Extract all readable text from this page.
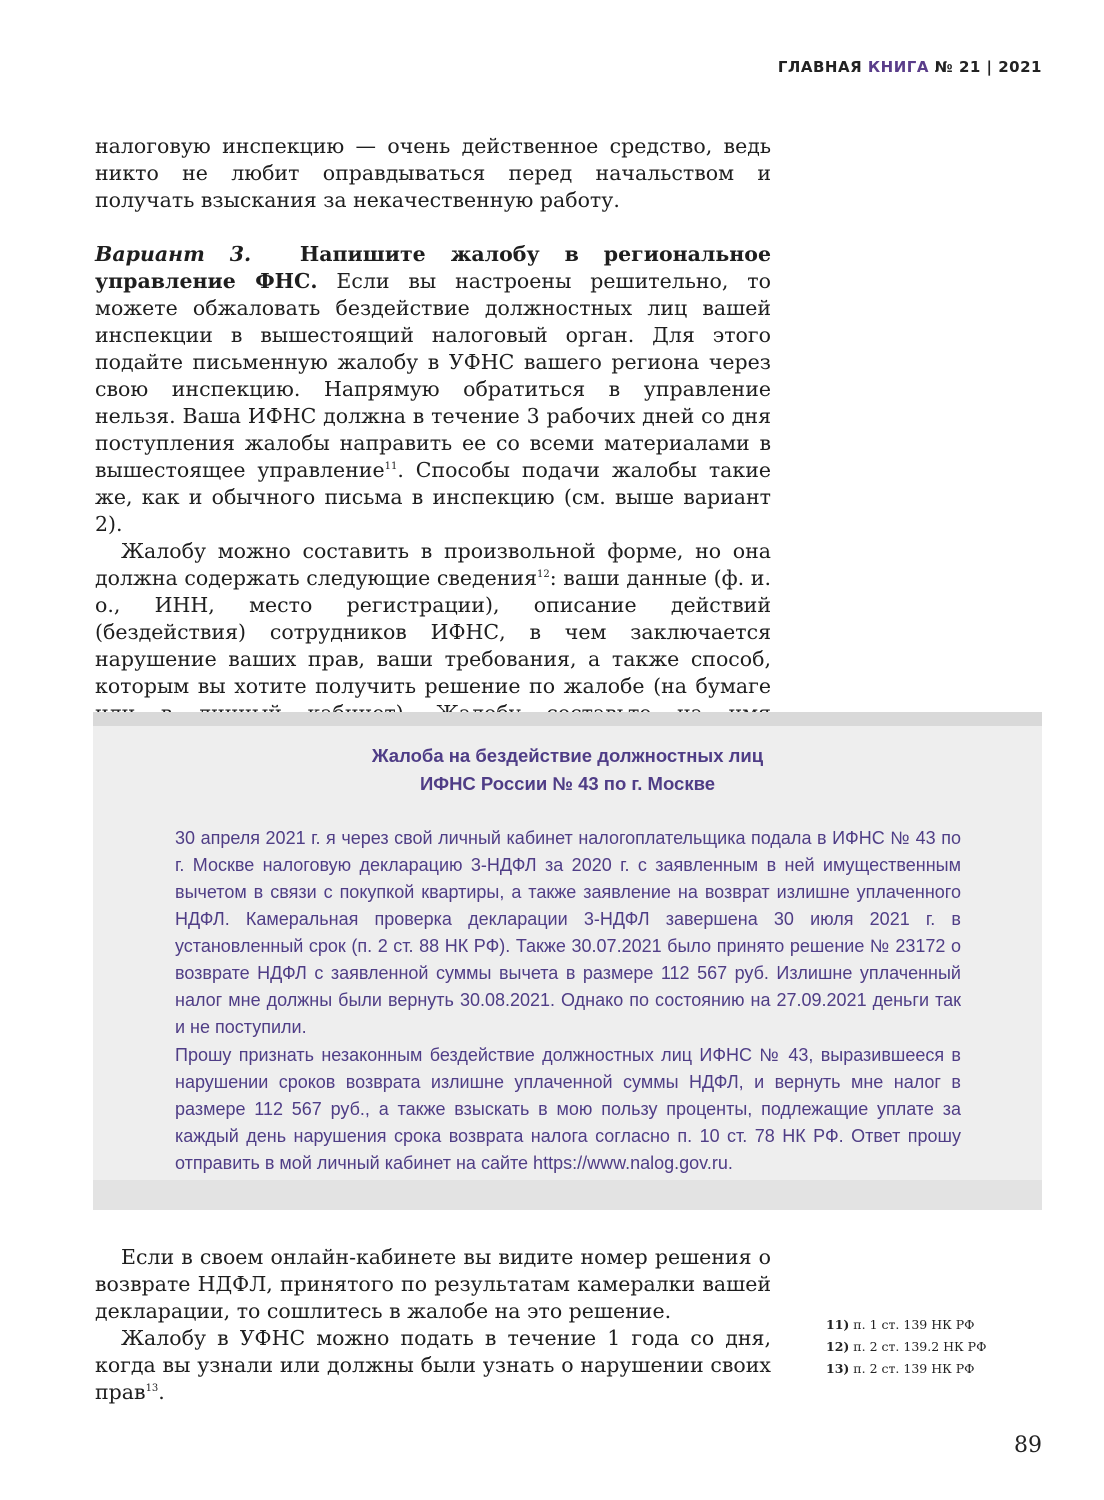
ГЛАВНАЯ КНИГА № 21 | 2021

налоговую инспекцию — очень действенное средство, ведь никто не любит оправдываться перед начальством и получать взыскания за некачественную работу.

Вариант 3. Напишите жалобу в региональное управление ФНС. Если вы настроены решительно, то можете обжаловать бездействие должностных лиц вашей инспекции в вышестоящий налоговый орган. Для этого подайте письменную жалобу в УФНС вашего региона через свою инспекцию. Напрямую обратиться в управление нельзя. Ваша ИФНС должна в течение 3 рабочих дней со дня поступления жалобы направить ее со всеми материалами в вышестоящее управление$^{11}$. Способы подачи жалобы такие же, как и обычного письма в инспекцию (см. выше вариант 2).

Жалобу можно составить в произвольной форме, но она должна содержать следующие сведения$^{12}$: ваши данные (ф. и. о., ИНН, место регистрации), описание действий (бездействия) сотрудников ИФНС, в чем заключается нарушение ваших прав, ваши требования, а также способ, которым вы хотите получить решение по жалобе (на бумаге

Жалоба на бездействие должностных лиц
ИФНС России № 43 по г. Москве
30 апреля 2021 г. я через свой личный кабинет налогоплательщика подала в ИФНС № 43 по г. Москве налоговую декларацию 3-НДФЛ за 2020 г. с заявленным в ней имущественным вычетом в связи с покупкой квартиры, а также заявление на возврат излишне уплаченного НДФЛ. Камеральная проверка декларации 3-НДФЛ завершена 30 июля 2021 г. в установленный срок (п. 2 ст. 88 НК РФ). Также 30.07.2021 было принято решение № 23172 о возврате НДФЛ с заявленной суммы вычета в размере 112 567 руб. Излишне уплаченный налог мне должны были вернуть 30.08.2021. Однако по состоянию на 27.09.2021 деньги так и не поступили.
Прошу признать незаконным бездействие должностных лиц ИФНС № 43, выразившееся в нарушении сроков возврата излишне уплаченной суммы НДФЛ, и вернуть мне налог в размере 112 567 руб., а также взыскать в мою пользу проценты, подлежащие уплате за каждый день нарушения срока возврата налога согласно п. 10 ст. 78 НК РФ. Ответ прошу отправить в мой личный кабинет на сайте https://www.nalog.gov.ru.

Если в своем онлайн-кабинете вы видите номер решения о возврате НДФЛ, принятого по результатам камералки вашей декларации, то сошлитесь в жалобе на это решение.

Жалобу в УФНС можно подать в течение 1 года со дня, когда вы узнали или должны были узнать о нарушении своих прав$^{13}$.

11) п. 1 ст. 139 НК РФ
12) п. 2 ст. 139.2 НК РФ
13) п. 2 ст. 139 НК РФ
89
